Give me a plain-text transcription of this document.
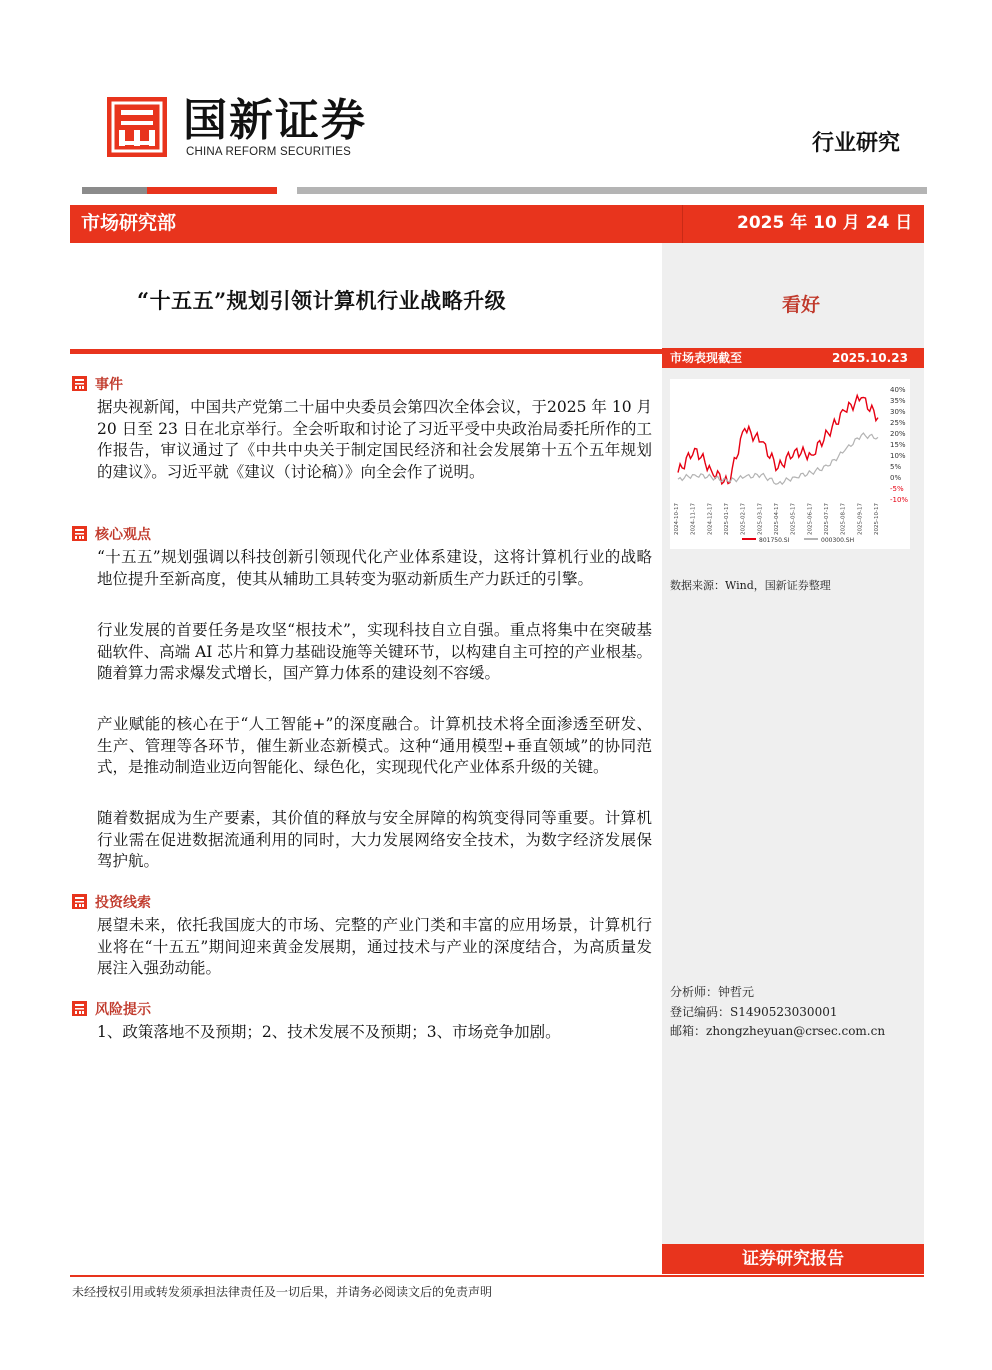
国新证券
CHINA REFORM SECURITIES	行业研究
市场研究部	2025 年 10 月 24 日
“十五五”规划引领计算机行业战略升级	看好
市场表现截至	2025.10.23
40%
35%
30%
25%
20%
15%
10%
5%
0%
-5%
-10%
2024-10-17 2024-11-17 2024-12-17 2025-01-17 2025-02-17 2025-03-17 2025-04-17 2025-05-17 2025-06-17 2025-07-17 2025-08-17 2025-09-17 2025-10-17
801750.SI	000300.SH
数据来源：Wind，国新证券整理
事件
据央视新闻，中国共产党第二十届中央委员会第四次全体会议，于2025 年 10 月 20 日至 23 日在北京举行。全会听取和讨论了习近平受中央政治局委托所作的工作报告，审议通过了《中共中央关于制定国民经济和社会发展第十五个五年规划的建议》。习近平就《建议（讨论稿）》向全会作了说明。
核心观点
“十五五”规划强调以科技创新引领现代化产业体系建设，这将计算机行业的战略地位提升至新高度，使其从辅助工具转变为驱动新质生产力跃迁的引擎。
行业发展的首要任务是攻坚“根技术”，实现科技自立自强。重点将集中在突破基础软件、高端 AI 芯片和算力基础设施等关键环节，以构建自主可控的产业根基。随着算力需求爆发式增长，国产算力体系的建设刻不容缓。
产业赋能的核心在于“人工智能+”的深度融合。计算机技术将全面渗透至研发、生产、管理等各环节，催生新业态新模式。这种“通用模型+垂直领域”的协同范式，是推动制造业迈向智能化、绿色化，实现现代化产业体系升级的关键。
随着数据成为生产要素，其价值的释放与安全屏障的构筑变得同等重要。计算机行业需在促进数据流通利用的同时，大力发展网络安全技术，为数字经济发展保驾护航。
投资线索
展望未来，依托我国庞大的市场、完整的产业门类和丰富的应用场景，计算机行业将在“十五五”期间迎来黄金发展期，通过技术与产业的深度结合，为高质量发展注入强劲动能。
风险提示
1、政策落地不及预期；2、技术发展不及预期；3、市场竞争加剧。
分析师：钟哲元
登记编码：S1490523030001
邮箱：zhongzheyuan@crsec.com.cn
证券研究报告
未经授权引用或转发须承担法律责任及一切后果，并请务必阅读文后的免责声明
